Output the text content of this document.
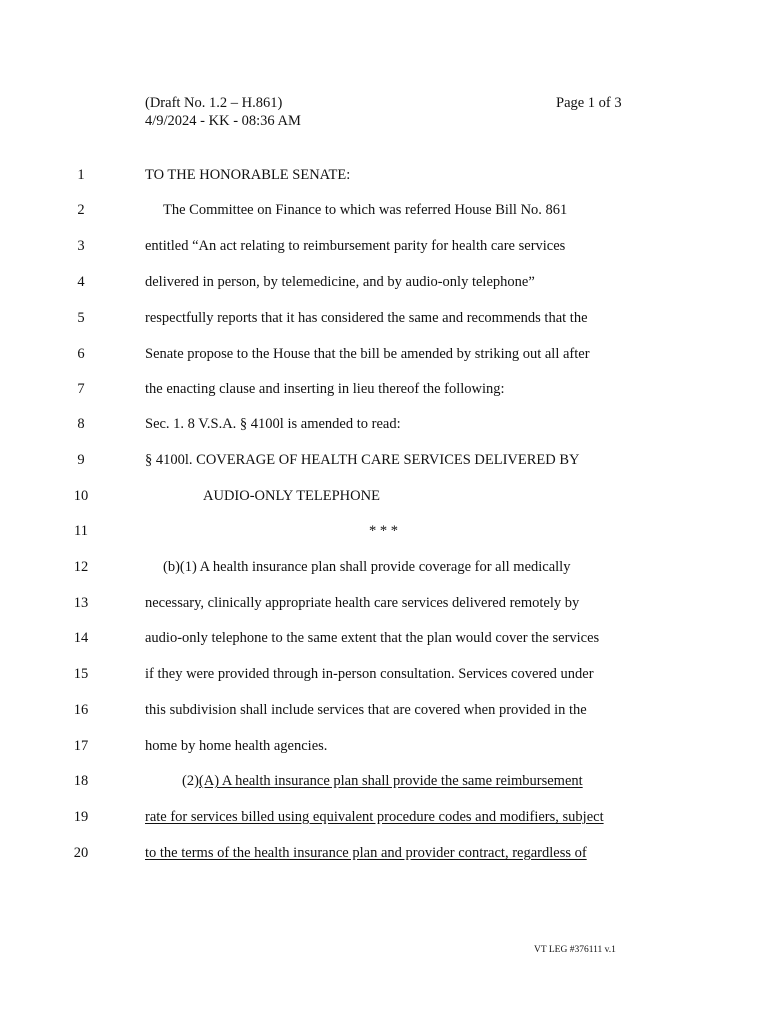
(Draft No. 1.2 – H.861)
4/9/2024 - KK - 08:36 AM
Page 1 of 3
1	TO THE HONORABLE SENATE:
2	The Committee on Finance to which was referred House Bill No. 861
3	entitled “An act relating to reimbursement parity for health care services
4	delivered in person, by telemedicine, and by audio-only telephone”
5	respectfully reports that it has considered the same and recommends that the
6	Senate propose to the House that the bill be amended by striking out all after
7	the enacting clause and inserting in lieu thereof the following:
8	Sec. 1. 8 V.S.A. § 4100l is amended to read:
9	§ 4100l. COVERAGE OF HEALTH CARE SERVICES DELIVERED BY
10	AUDIO-ONLY TELEPHONE
11	* * *
12	(b)(1) A health insurance plan shall provide coverage for all medically
13	necessary, clinically appropriate health care services delivered remotely by
14	audio-only telephone to the same extent that the plan would cover the services
15	if they were provided through in-person consultation. Services covered under
16	this subdivision shall include services that are covered when provided in the
17	home by home health agencies.
18	(2)(A) A health insurance plan shall provide the same reimbursement
19	rate for services billed using equivalent procedure codes and modifiers, subject
20	to the terms of the health insurance plan and provider contract, regardless of
VT LEG #376111 v.1
